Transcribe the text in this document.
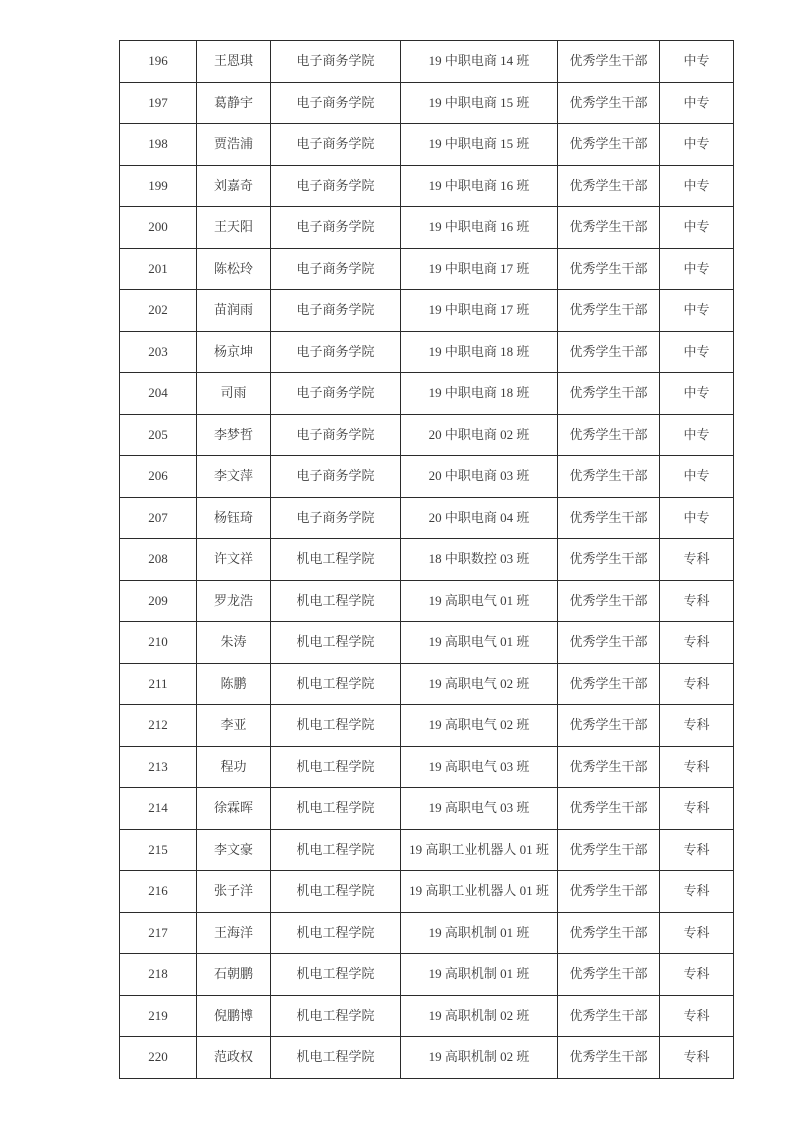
196	王恩琪	电子商务学院	19 中职电商 14 班	优秀学生干部	中专
197	葛静宇	电子商务学院	19 中职电商 15 班	优秀学生干部	中专
198	贾浩浦	电子商务学院	19 中职电商 15 班	优秀学生干部	中专
199	刘嘉奇	电子商务学院	19 中职电商 16 班	优秀学生干部	中专
200	王天阳	电子商务学院	19 中职电商 16 班	优秀学生干部	中专
201	陈松玲	电子商务学院	19 中职电商 17 班	优秀学生干部	中专
202	苗润雨	电子商务学院	19 中职电商 17 班	优秀学生干部	中专
203	杨京坤	电子商务学院	19 中职电商 18 班	优秀学生干部	中专
204	司雨	电子商务学院	19 中职电商 18 班	优秀学生干部	中专
205	李梦哲	电子商务学院	20 中职电商 02 班	优秀学生干部	中专
206	李文萍	电子商务学院	20 中职电商 03 班	优秀学生干部	中专
207	杨钰琦	电子商务学院	20 中职电商 04 班	优秀学生干部	中专
208	许文祥	机电工程学院	18 中职数控 03 班	优秀学生干部	专科
209	罗龙浩	机电工程学院	19 高职电气 01 班	优秀学生干部	专科
210	朱涛	机电工程学院	19 高职电气 01 班	优秀学生干部	专科
211	陈鹏	机电工程学院	19 高职电气 02 班	优秀学生干部	专科
212	李亚	机电工程学院	19 高职电气 02 班	优秀学生干部	专科
213	程功	机电工程学院	19 高职电气 03 班	优秀学生干部	专科
214	徐霖晖	机电工程学院	19 高职电气 03 班	优秀学生干部	专科
215	李文豪	机电工程学院	19 高职工业机器人 01 班	优秀学生干部	专科
216	张子洋	机电工程学院	19 高职工业机器人 01 班	优秀学生干部	专科
217	王海洋	机电工程学院	19 高职机制 01 班	优秀学生干部	专科
218	石朝鹏	机电工程学院	19 高职机制 01 班	优秀学生干部	专科
219	倪鹏博	机电工程学院	19 高职机制 02 班	优秀学生干部	专科
220	范政权	机电工程学院	19 高职机制 02 班	优秀学生干部	专科
